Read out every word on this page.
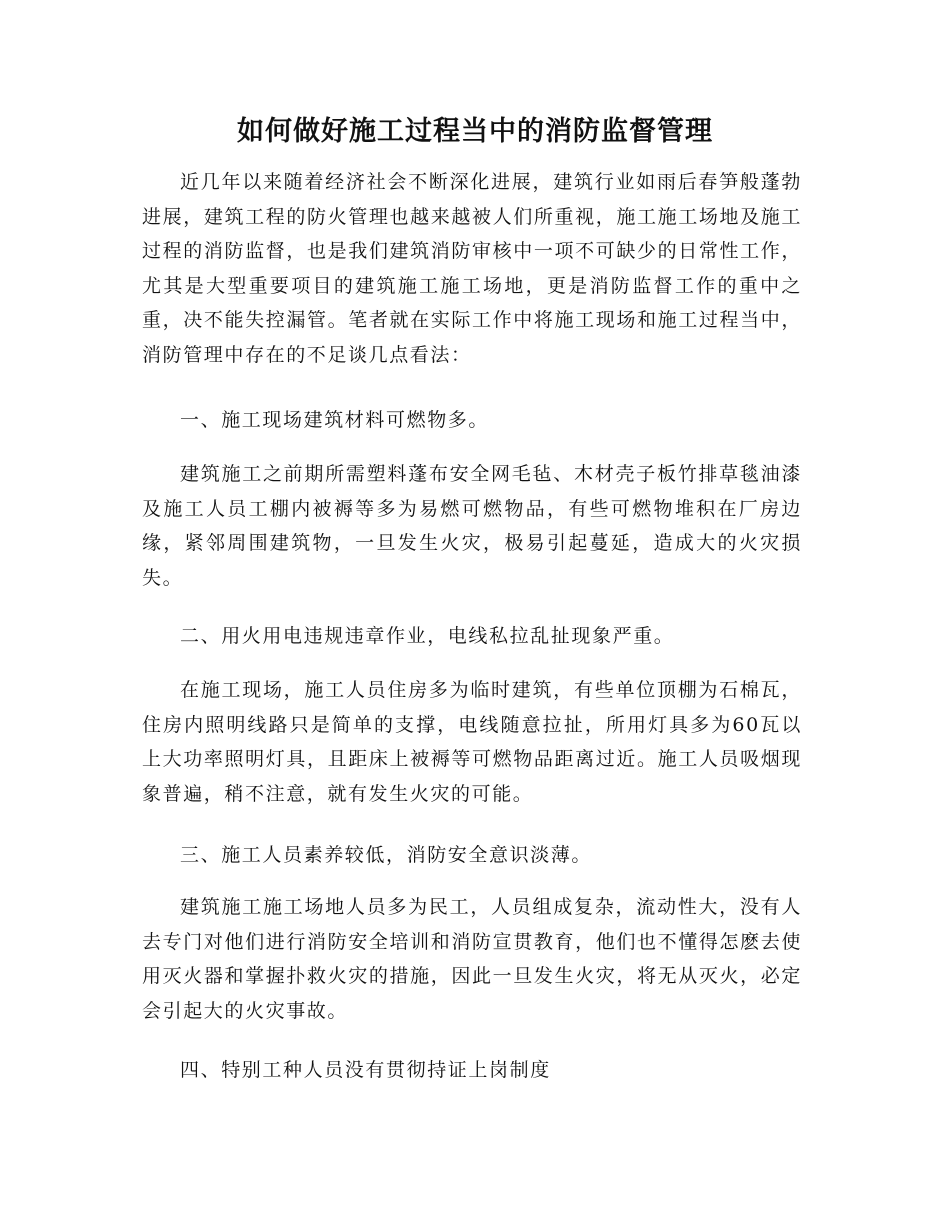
如何做好施工过程当中的消防监督管理

近几年以来随着经济社会不断深化进展，建筑行业如雨后春笋般蓬勃进展，建筑工程的防火管理也越来越被人们所重视，施工施工场地及施工过程的消防监督，也是我们建筑消防审核中一项不可缺少的日常性工作，尤其是大型重要项目的建筑施工施工场地，更是消防监督工作的重中之重，决不能失控漏管。笔者就在实际工作中将施工现场和施工过程当中，消防管理中存在的不足谈几点看法：

一、施工现场建筑材料可燃物多。

建筑施工之前期所需塑料蓬布安全网毛毡、木材壳子板竹排草毯油漆及施工人员工棚内被褥等多为易燃可燃物品，有些可燃物堆积在厂房边缘，紧邻周围建筑物，一旦发生火灾，极易引起蔓延，造成大的火灾损失。

二、用火用电违规违章作业，电线私拉乱扯现象严重。

在施工现场，施工人员住房多为临时建筑，有些单位顶棚为石棉瓦，住房内照明线路只是简单的支撑，电线随意拉扯，所用灯具多为60瓦以上大功率照明灯具，且距床上被褥等可燃物品距离过近。施工人员吸烟现象普遍，稍不注意，就有发生火灾的可能。

三、施工人员素养较低，消防安全意识淡薄。

建筑施工施工场地人员多为民工，人员组成复杂，流动性大，没有人去专门对他们进行消防安全培训和消防宣贯教育，他们也不懂得怎麽去使用灭火器和掌握扑救火灾的措施，因此一旦发生火灾，将无从灭火，必定会引起大的火灾事故。

四、特别工种人员没有贯彻持证上岗制度
